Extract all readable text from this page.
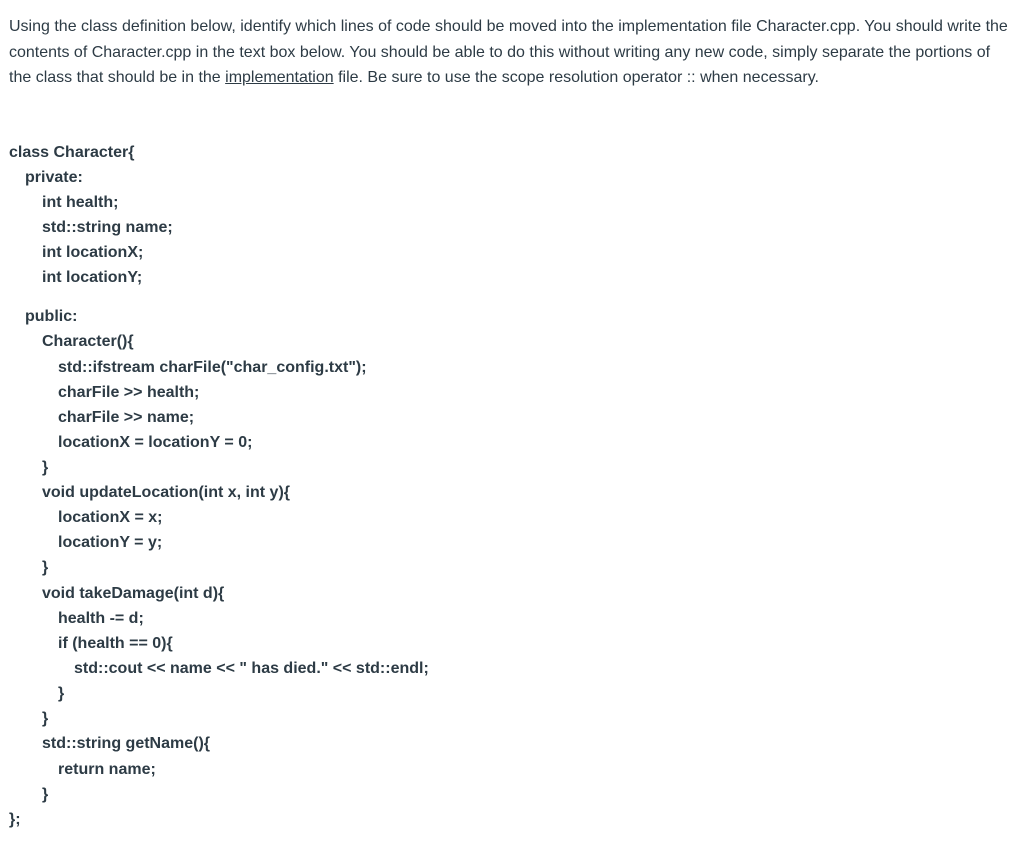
Using the class definition below, identify which lines of code should be moved into the implementation file Character.cpp. You should write the contents of Character.cpp in the text box below. You should be able to do this without writing any new code, simply separate the portions of the class that should be in the implementation file. Be sure to use the scope resolution operator :: when necessary.

class Character{
private:
int health;
std::string name;
int locationX;
int locationY;
public:
Character(){
std::ifstream charFile("char_config.txt");
charFile >> health;
charFile >> name;
locationX = locationY = 0;
}
void updateLocation(int x, int y){
locationX = x;
locationY = y;
}
void takeDamage(int d){
health -= d;
if (health == 0){
std::cout << name << " has died." << std::endl;
}
}
std::string getName(){
return name;
}
};
